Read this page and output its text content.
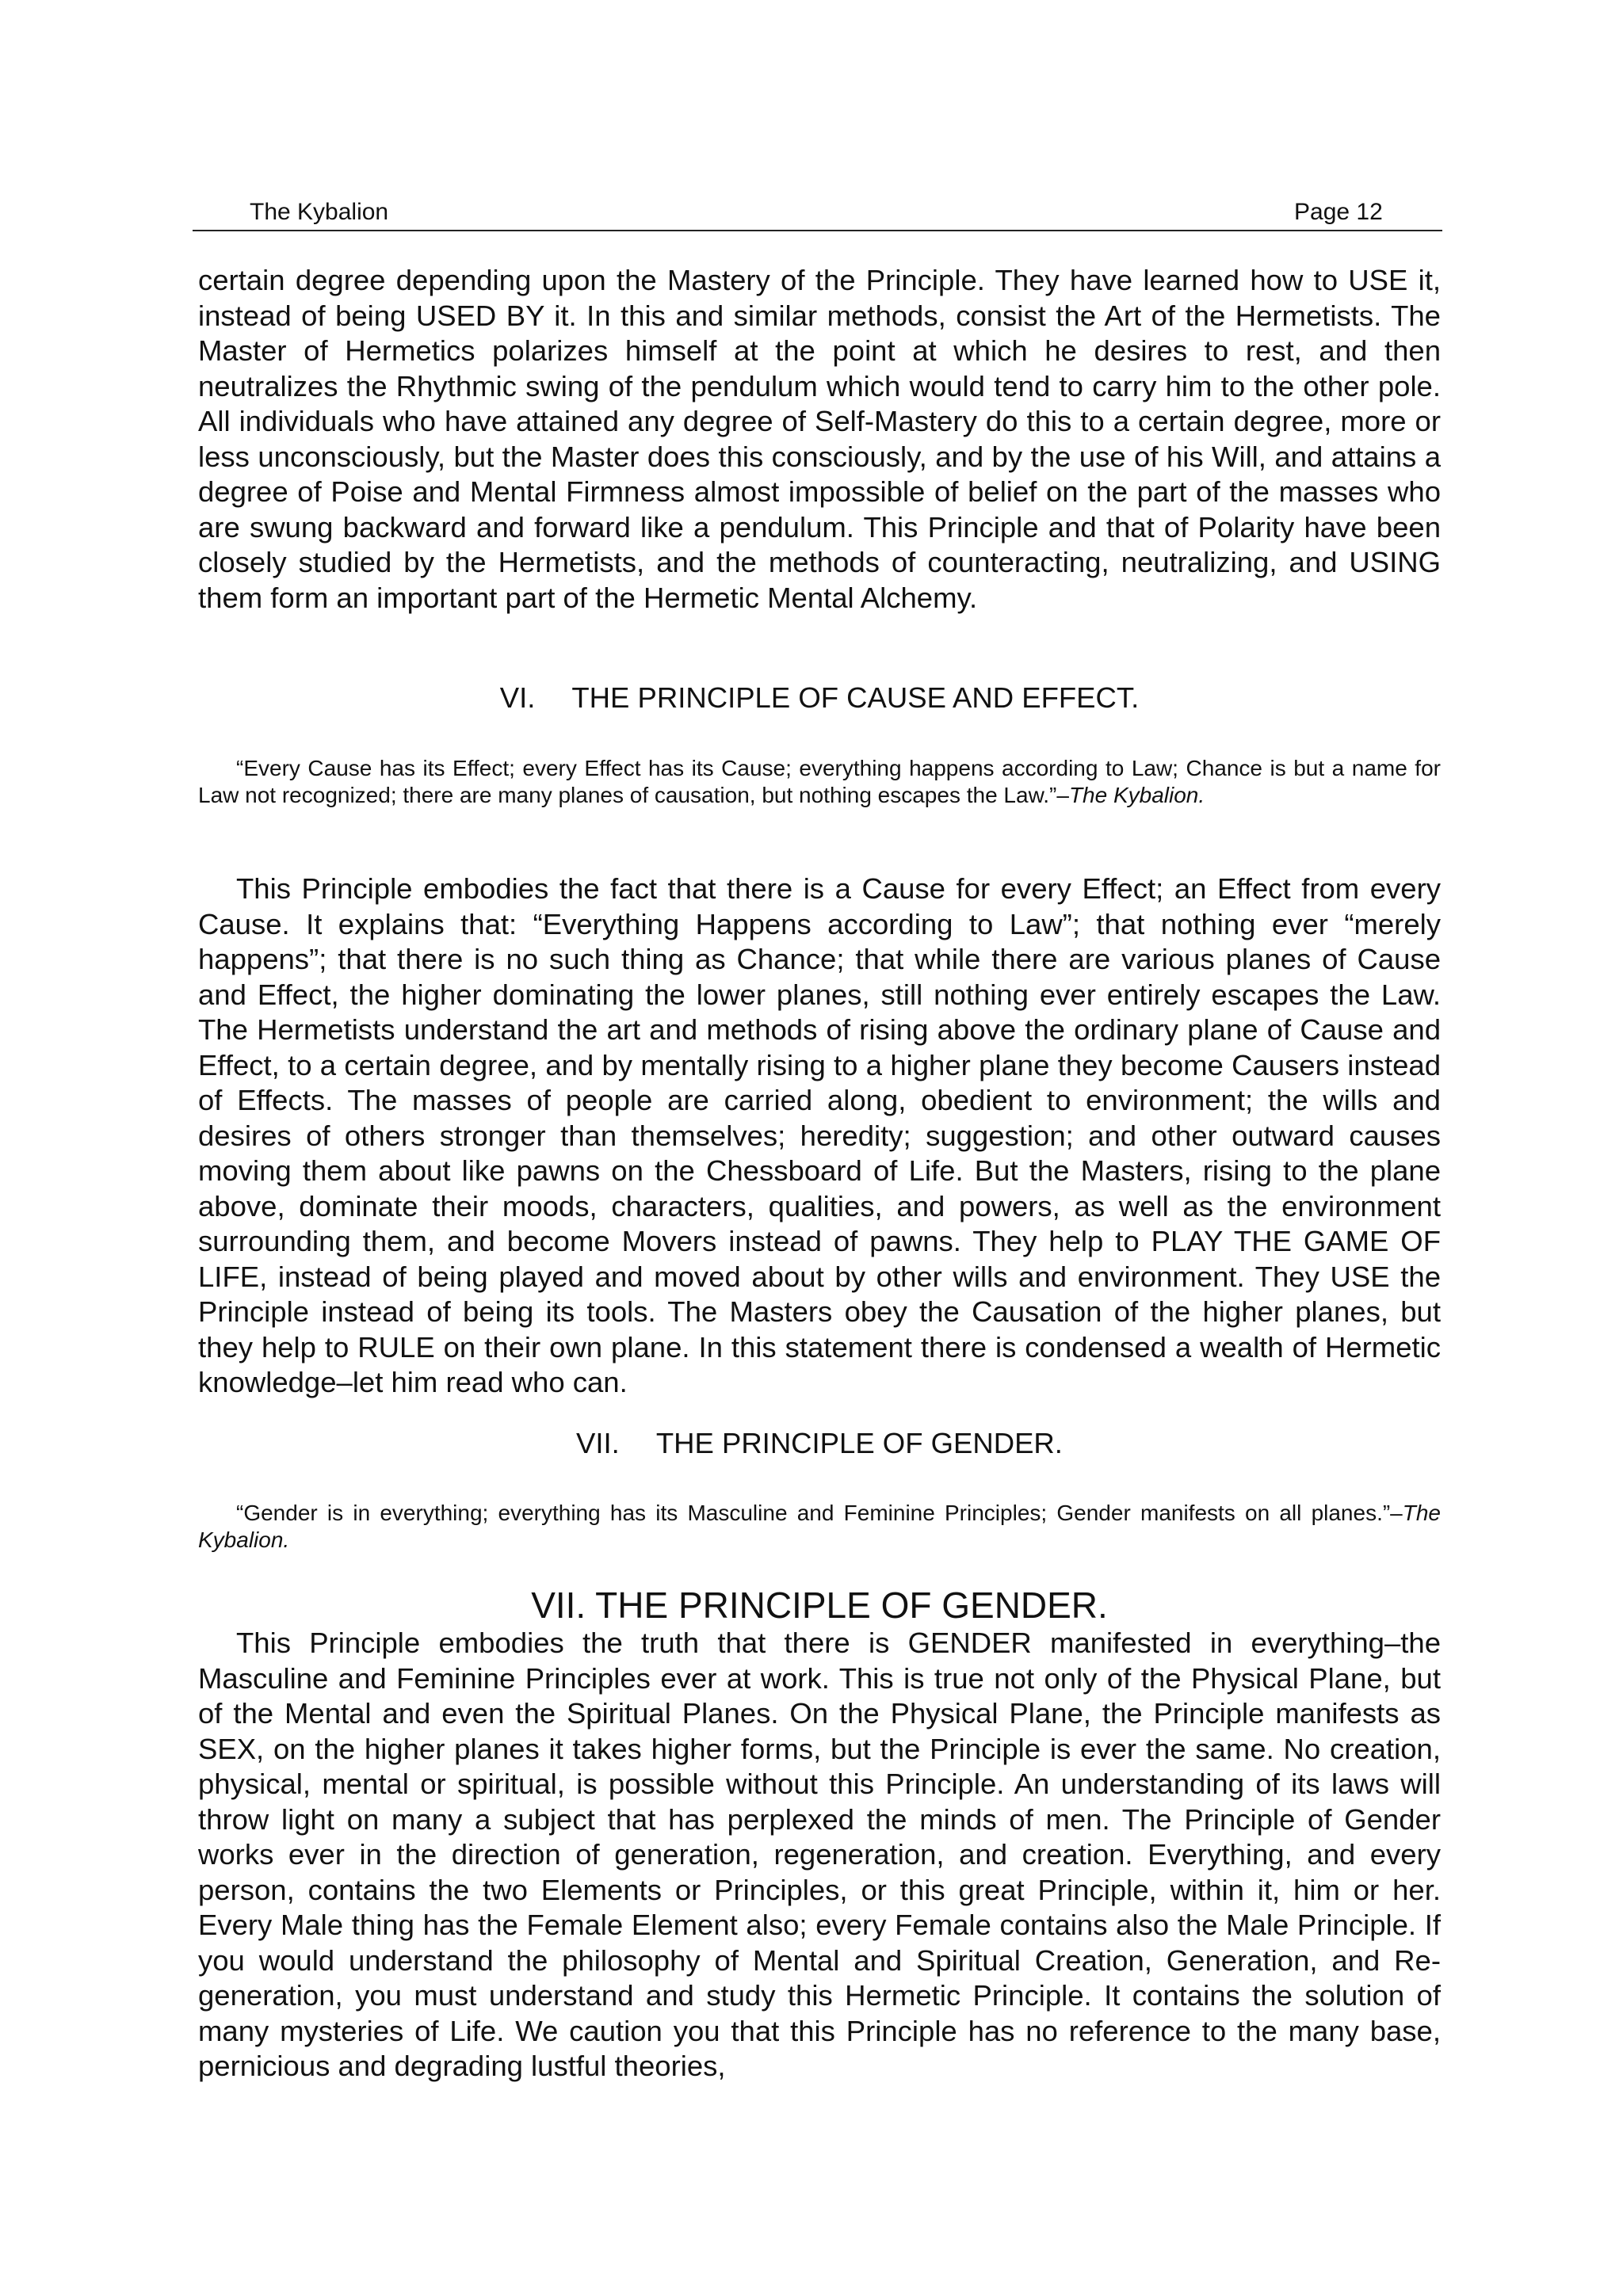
The Kybalion	Page 12

certain degree depending upon the Mastery of the Principle. They have learned how to USE it, instead of being USED BY it. In this and similar methods, consist the Art of the Hermetists. The Master of Hermetics polarizes himself at the point at which he desires to rest, and then neutralizes the Rhythmic swing of the pendulum which would tend to carry him to the other pole. All individuals who have attained any degree of Self-Mastery do this to a certain degree, more or less unconsciously, but the Master does this consciously, and by the use of his Will, and attains a degree of Poise and Mental Firmness almost impossible of belief on the part of the masses who are swung backward and forward like a pendulum. This Principle and that of Polarity have been closely studied by the Hermetists, and the methods of counteracting, neutralizing, and USING them form an important part of the Hermetic Mental Alchemy.

VI. THE PRINCIPLE OF CAUSE AND EFFECT.

“Every Cause has its Effect; every Effect has its Cause; everything happens according to Law; Chance is but a name for Law not recognized; there are many planes of causation, but nothing escapes the Law.”–The Kybalion.

This Principle embodies the fact that there is a Cause for every Effect; an Effect from every Cause. It explains that: “Everything Happens according to Law”; that nothing ever “merely happens”; that there is no such thing as Chance; that while there are various planes of Cause and Effect, the higher dominating the lower planes, still nothing ever entirely escapes the Law. The Hermetists understand the art and methods of rising above the ordinary plane of Cause and Effect, to a certain degree, and by mentally rising to a higher plane they become Causers instead of Effects. The masses of people are carried along, obedient to environment; the wills and desires of others stronger than themselves; heredity; suggestion; and other outward causes moving them about like pawns on the Chessboard of Life. But the Masters, rising to the plane above, dominate their moods, characters, qualities, and powers, as well as the environment surrounding them, and become Movers instead of pawns. They help to PLAY THE GAME OF LIFE, instead of being played and moved about by other wills and environment. They USE the Principle instead of being its tools. The Masters obey the Causation of the higher planes, but they help to RULE on their own plane. In this statement there is condensed a wealth of Hermetic knowledge–let him read who can.

VII. THE PRINCIPLE OF GENDER.

“Gender is in everything; everything has its Masculine and Feminine Principles; Gender manifests on all planes.”–The Kybalion.

VII. THE PRINCIPLE OF GENDER.

This Principle embodies the truth that there is GENDER manifested in everything–the Masculine and Feminine Principles ever at work. This is true not only of the Physical Plane, but of the Mental and even the Spiritual Planes. On the Physical Plane, the Principle manifests as SEX, on the higher planes it takes higher forms, but the Principle is ever the same. No creation, physical, mental or spiritual, is possible without this Principle. An understanding of its laws will throw light on many a subject that has perplexed the minds of men. The Principle of Gender works ever in the direction of generation, regeneration, and creation. Everything, and every person, contains the two Elements or Principles, or this great Principle, within it, him or her. Every Male thing has the Female Element also; every Female contains also the Male Principle. If you would understand the philosophy of Mental and Spiritual Creation, Generation, and Re-generation, you must understand and study this Hermetic Principle. It contains the solution of many mysteries of Life. We caution you that this Principle has no reference to the many base, pernicious and degrading lustful theories,
